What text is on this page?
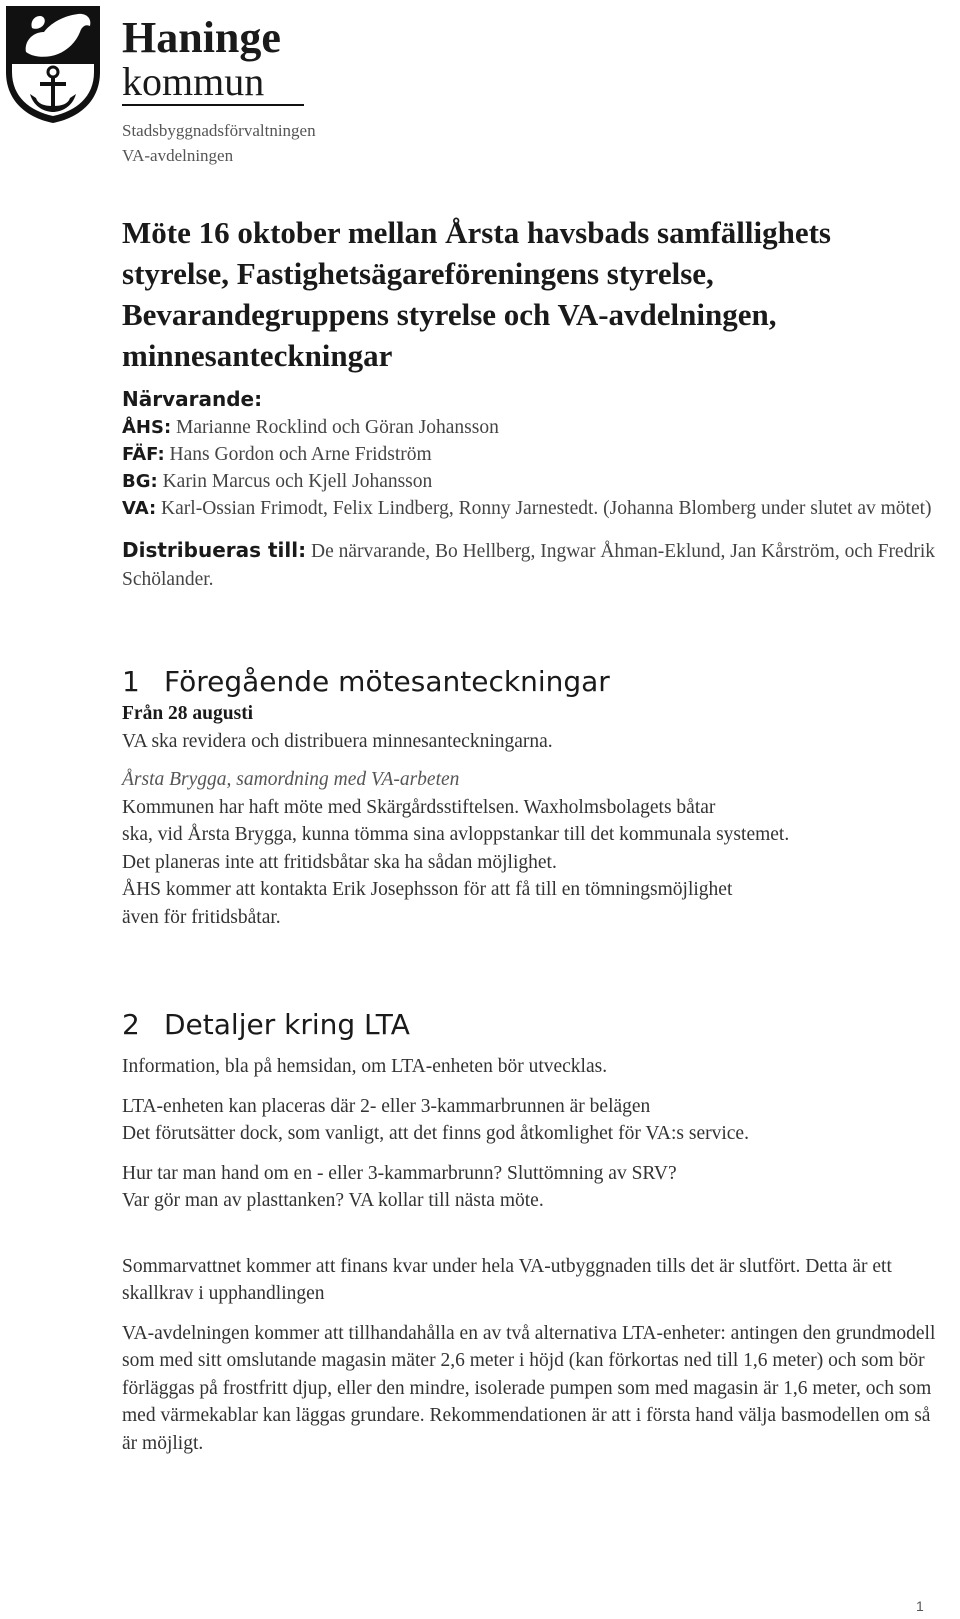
Haninge
kommun
Stadsbyggnadsförvaltningen
VA-avdelningen
Möte 16 oktober mellan Årsta havsbads samfällighets styrelse, Fastighetsägareföreningens styrelse, Bevarandegruppens styrelse och VA-avdelningen, minnesanteckningar
Närvarande:
ÅHS: Marianne Rocklind och Göran Johansson
FÄF: Hans Gordon och Arne Fridström
BG: Karin Marcus och Kjell Johansson
VA: Karl-Ossian Frimodt, Felix Lindberg, Ronny Jarnestedt. (Johanna Blomberg under slutet av mötet)
Distribueras till: De närvarande, Bo Hellberg, Ingwar Åhman-Eklund, Jan Kårström, och Fredrik Schölander.
1 Föregående mötesanteckningar
Från 28 augusti

VA ska revidera och distribuera minnesanteckningarna.

Årsta Brygga, samordning med VA-arbeten

Kommunen har haft möte med Skärgårdsstiftelsen. Waxholmsbolagets båtar

ska, vid Årsta Brygga, kunna tömma sina avloppstankar till det kommunala systemet.

Det planeras inte att fritidsbåtar ska ha sådan möjlighet.

ÅHS kommer att kontakta Erik Josephsson för att få till en tömningsmöjlighet

även för fritidsbåtar.

2 Detaljer kring LTA

Information, bla på hemsidan, om LTA-enheten bör utvecklas.

LTA-enheten kan placeras där 2- eller 3-kammarbrunnen är belägen

Det förutsätter dock, som vanligt, att det finns god åtkomlighet för VA:s service.

Hur tar man hand om en - eller 3-kammarbrunn? Sluttömning av SRV?

Var gör man av plasttanken? VA kollar till nästa möte.

Sommarvattnet kommer att finans kvar under hela VA-utbyggnaden tills det är slutfört. Detta är ett skallkrav i upphandlingen

VA-avdelningen kommer att tillhandahålla en av två alternativa LTA-enheter: antingen den grundmodell som med sitt omslutande magasin mäter 2,6 meter i höjd (kan förkortas ned till 1,6 meter) och som bör förläggas på frostfritt djup, eller den mindre, isolerade pumpen som med magasin är 1,6 meter, och som med värmekablar kan läggas grundare. Rekommendationen är att i första hand välja basmodellen om så är möjligt.

1
